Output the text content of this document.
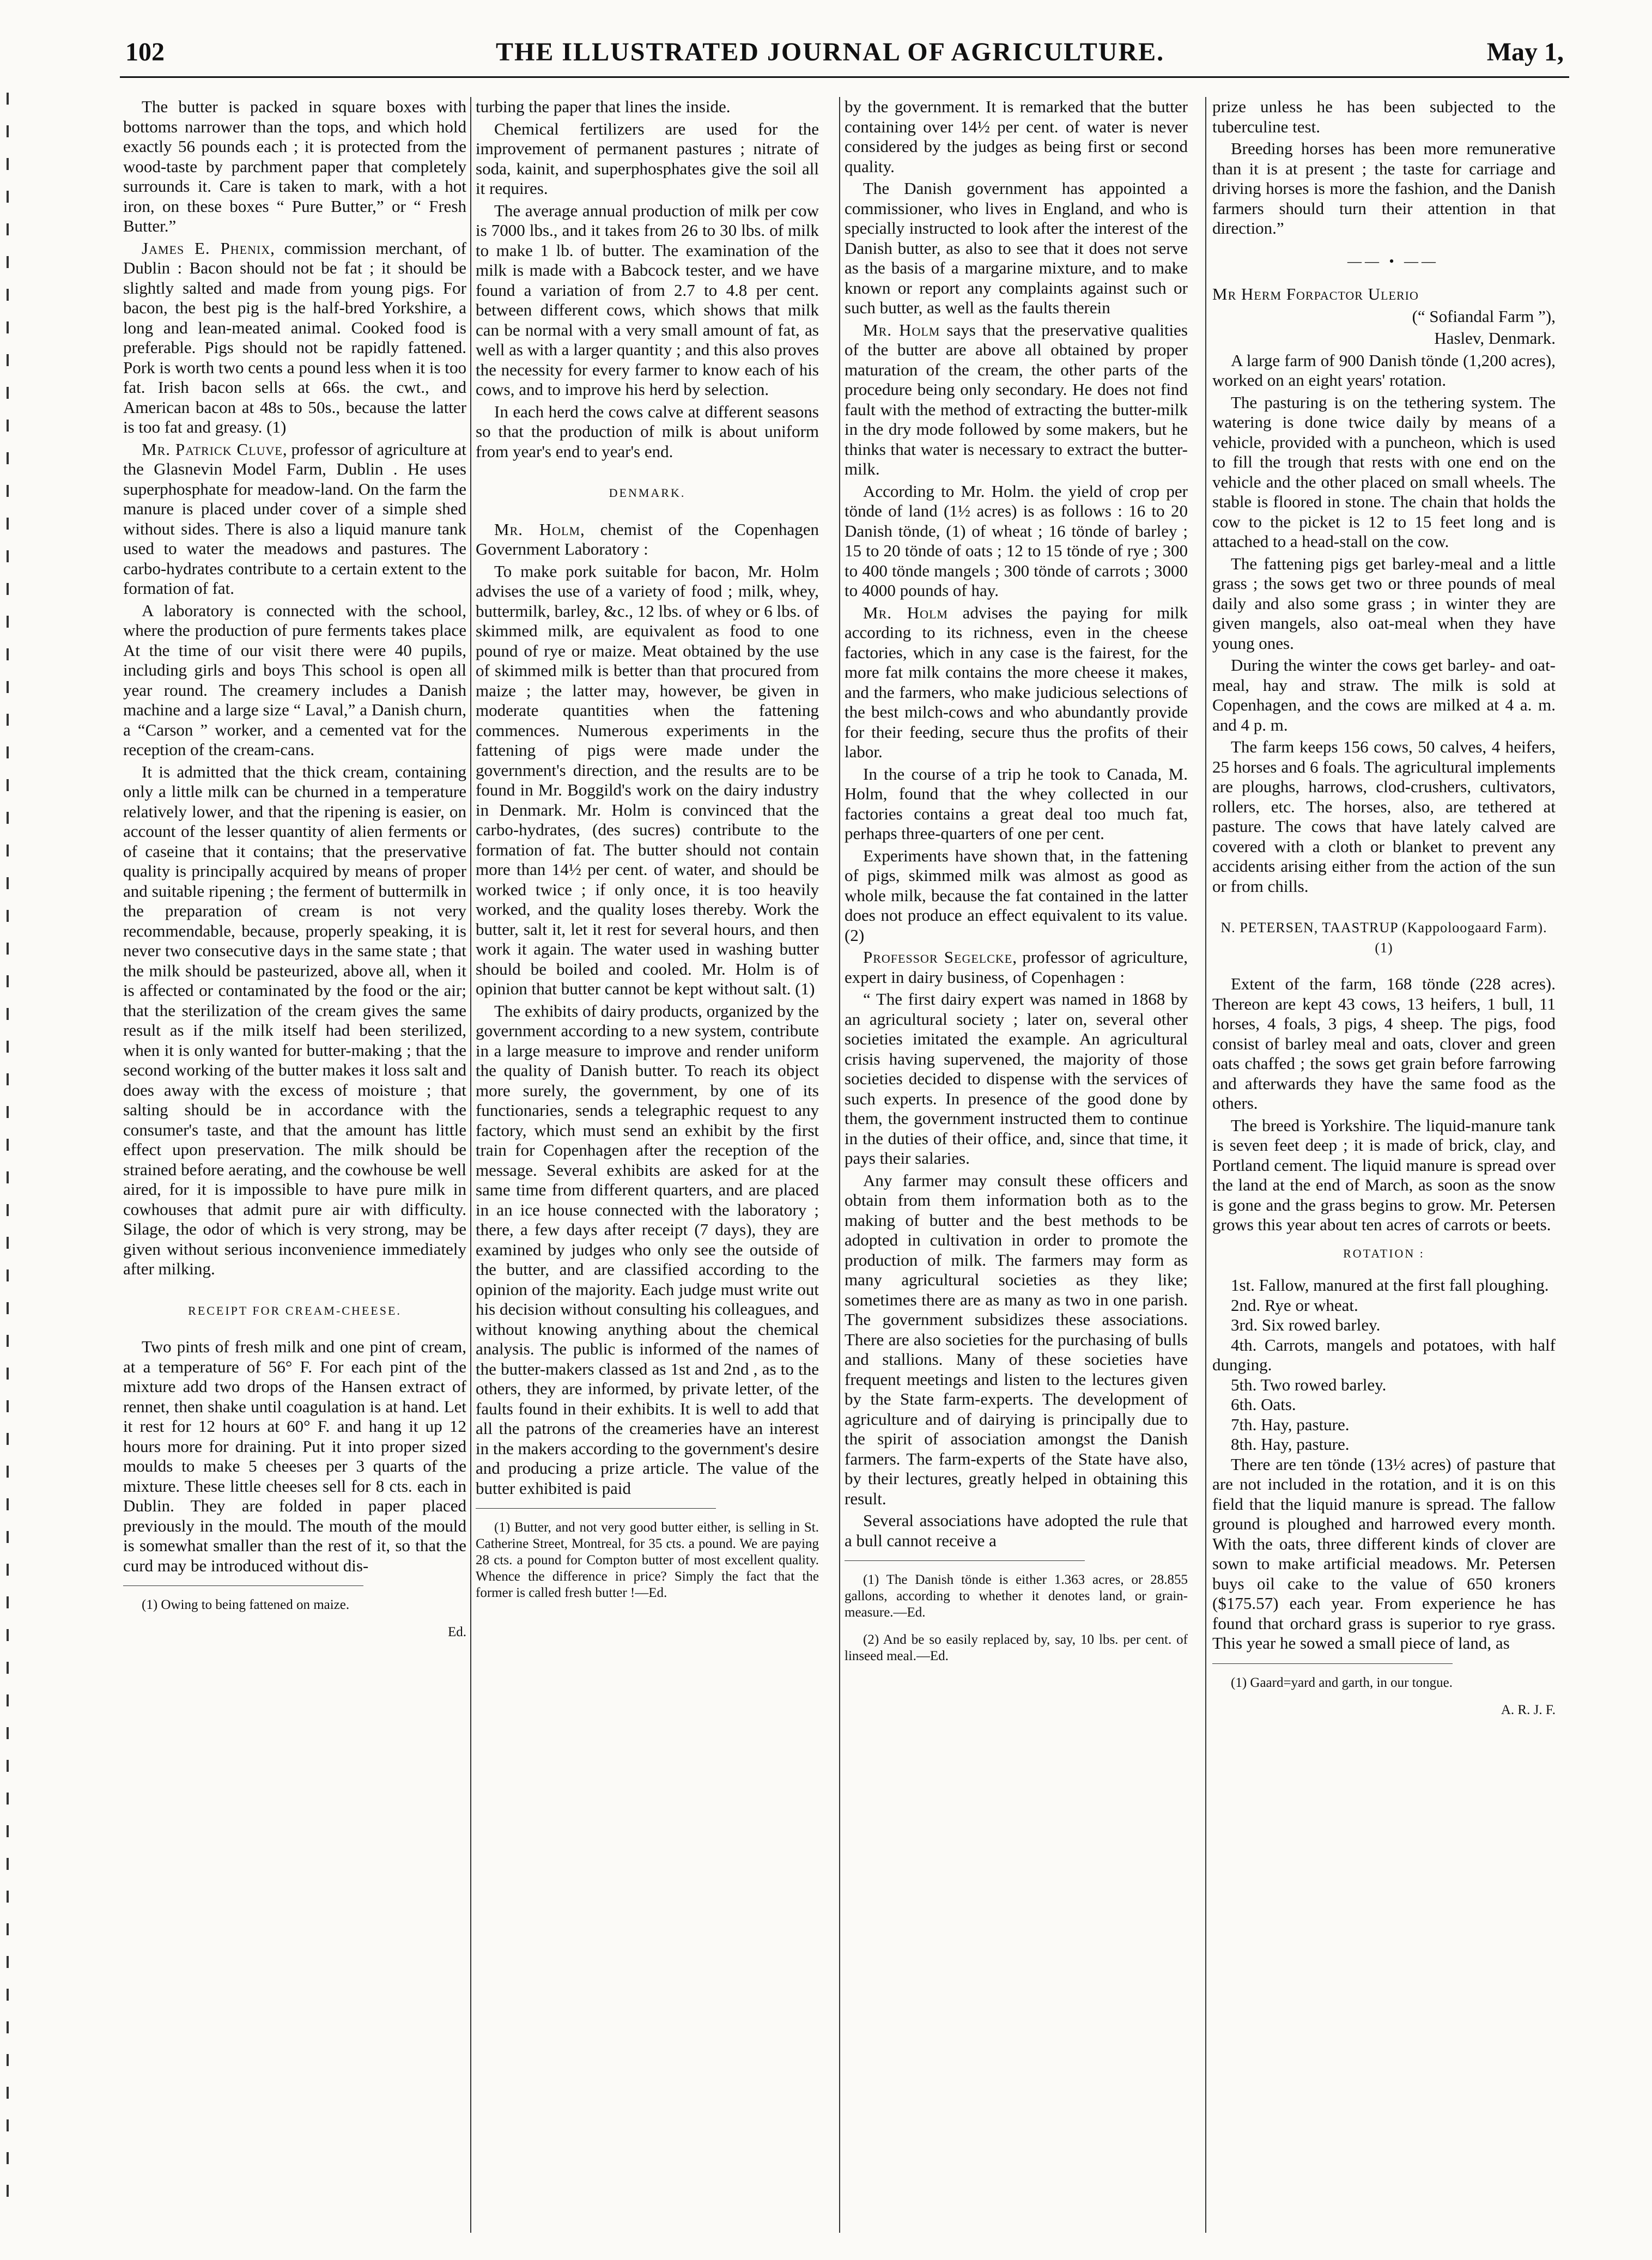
102	THE ILLUSTRATED JOURNAL OF AGRICULTURE.	May 1,

The butter is packed in square boxes with bottoms narrower than the tops, and which hold exactly 56 pounds each ; it is protected from the wood-taste by parchment paper that completely surrounds it. Care is taken to mark, with a hot iron, on these boxes “ Pure Butter,” or “ Fresh Butter.”

James E. Phenix, commission merchant, of Dublin : Bacon should not be fat ; it should be slightly salted and made from young pigs. For bacon, the best pig is the half-bred Yorkshire, a long and lean-meated animal. Cooked food is preferable. Pigs should not be rapidly fattened. Pork is worth two cents a pound less when it is too fat. Irish bacon sells at 66s. the cwt., and American bacon at 48s to 50s., because the latter is too fat and greasy. (1)

Mr. Patrick Cluve, professor of agriculture at the Glasnevin Model Farm, Dublin . He uses superphosphate for meadow-land. On the farm the manure is placed under cover of a simple shed without sides. There is also a liquid manure tank used to water the meadows and pastures. The carbo-hydrates contribute to a certain extent to the formation of fat.

A laboratory is connected with the school, where the production of pure ferments takes place At the time of our visit there were 40 pupils, including girls and boys This school is open all year round. The creamery includes a Danish machine and a large size “ Laval,” a Danish churn, a “Carson ” worker, and a cemented vat for the reception of the cream-cans.

It is admitted that the thick cream, containing only a little milk can be churned in a temperature relatively lower, and that the ripening is easier, on account of the lesser quantity of alien ferments or of caseine that it contains; that the preservative quality is principally acquired by means of proper and suitable ripening ; the ferment of buttermilk in the preparation of cream is not very recommendable, because, properly speaking, it is never two consecutive days in the same state ; that the milk should be pasteurized, above all, when it is affected or contaminated by the food or the air; that the sterilization of the cream gives the same result as if the milk itself had been sterilized, when it is only wanted for butter-making ; that the second working of the butter makes it loss salt and does away with the excess of moisture ; that salting should be in accordance with the consumer's taste, and that the amount has little effect upon preservation. The milk should be strained before aerating, and the cowhouse be well aired, for it is impossible to have pure milk in cowhouses that admit pure air with difficulty. Silage, the odor of which is very strong, may be given without serious inconvenience immediately after milking.

RECEIPT FOR CREAM-CHEESE.

Two pints of fresh milk and one pint of cream, at a temperature of 56° F. For each pint of the mixture add two drops of the Hansen extract of rennet, then shake until coagulation is at hand. Let it rest for 12 hours at 60° F. and hang it up 12 hours more for draining. Put it into proper sized moulds to make 5 cheeses per 3 quarts of the mixture. These little cheeses sell for 8 cts. each in Dublin. They are folded in paper placed previously in the mould. The mouth of the mould is somewhat smaller than the rest of it, so that the curd may be introduced without dis-

(1) Owing to being fattened on maize.

Ed.

turbing the paper that lines the inside.

Chemical fertilizers are used for the improvement of permanent pastures ; nitrate of soda, kainit, and superphosphates give the soil all it requires.

The average annual production of milk per cow is 7000 lbs., and it takes from 26 to 30 lbs. of milk to make 1 lb. of butter. The examination of the milk is made with a Babcock tester, and we have found a variation of from 2.7 to 4.8 per cent. between different cows, which shows that milk can be normal with a very small amount of fat, as well as with a larger quantity ; and this also proves the necessity for every farmer to know each of his cows, and to improve his herd by selection.

In each herd the cows calve at different seasons so that the production of milk is about uniform from year's end to year's end.

DENMARK.

Mr. Holm, chemist of the Copenhagen Government Laboratory :

To make pork suitable for bacon, Mr. Holm advises the use of a variety of food ; milk, whey, buttermilk, barley, &c., 12 lbs. of whey or 6 lbs. of skimmed milk, are equivalent as food to one pound of rye or maize. Meat obtained by the use of skimmed milk is better than that procured from maize ; the latter may, however, be given in moderate quantities when the fattening commences. Numerous experiments in the fattening of pigs were made under the government's direction, and the results are to be found in Mr. Boggild's work on the dairy industry in Denmark. Mr. Holm is convinced that the carbo-hydrates, (des sucres) contribute to the formation of fat. The butter should not contain more than 14½ per cent. of water, and should be worked twice ; if only once, it is too heavily worked, and the quality loses thereby. Work the butter, salt it, let it rest for several hours, and then work it again. The water used in washing butter should be boiled and cooled. Mr. Holm is of opinion that butter cannot be kept without salt. (1)

The exhibits of dairy products, organized by the government according to a new system, contribute in a large measure to improve and render uniform the quality of Danish butter. To reach its object more surely, the government, by one of its functionaries, sends a telegraphic request to any factory, which must send an exhibit by the first train for Copenhagen after the reception of the message. Several exhibits are asked for at the same time from different quarters, and are placed in an ice house connected with the laboratory ; there, a few days after receipt (7 days), they are examined by judges who only see the outside of the butter, and are classified according to the opinion of the majority. Each judge must write out his decision without consulting his colleagues, and without knowing anything about the chemical analysis. The public is informed of the names of the butter-makers classed as 1st and 2nd , as to the others, they are informed, by private letter, of the faults found in their exhibits. It is well to add that all the patrons of the creameries have an interest in the makers according to the government's desire and producing a prize article. The value of the butter exhibited is paid

(1) Butter, and not very good butter either, is selling in St. Catherine Street, Montreal, for 35 cts. a pound. We are paying 28 cts. a pound for Compton butter of most excellent quality. Whence the difference in price? Simply the fact that the former is called fresh butter !—Ed.

by the government. It is remarked that the butter containing over 14½ per cent. of water is never considered by the judges as being first or second quality.

The Danish government has appointed a commissioner, who lives in England, and who is specially instructed to look after the interest of the Danish butter, as also to see that it does not serve as the basis of a margarine mixture, and to make known or report any complaints against such or such butter, as well as the faults therein

Mr. Holm says that the preservative qualities of the butter are above all obtained by proper maturation of the cream, the other parts of the procedure being only secondary. He does not find fault with the method of extracting the butter-milk in the dry mode followed by some makers, but he thinks that water is necessary to extract the butter-milk.

According to Mr. Holm. the yield of crop per tönde of land (1½ acres) is as follows : 16 to 20 Danish tönde, (1) of wheat ; 16 tönde of barley ; 15 to 20 tönde of oats ; 12 to 15 tönde of rye ; 300 to 400 tönde mangels ; 300 tönde of carrots ; 3000 to 4000 pounds of hay.

Mr. Holm advises the paying for milk according to its richness, even in the cheese factories, which in any case is the fairest, for the more fat milk contains the more cheese it makes, and the farmers, who make judicious selections of the best milch-cows and who abundantly provide for their feeding, secure thus the profits of their labor.

In the course of a trip he took to Canada, M. Holm, found that the whey collected in our factories contains a great deal too much fat, perhaps three-quarters of one per cent.

Experiments have shown that, in the fattening of pigs, skimmed milk was almost as good as whole milk, because the fat contained in the latter does not produce an effect equivalent to its value. (2)

Professor Segelcke, professor of agriculture, expert in dairy business, of Copenhagen :

“ The first dairy expert was named in 1868 by an agricultural society ; later on, several other societies imitated the example. An agricultural crisis having supervened, the majority of those societies decided to dispense with the services of such experts. In presence of the good done by them, the government instructed them to continue in the duties of their office, and, since that time, it pays their salaries.

Any farmer may consult these officers and obtain from them information both as to the making of butter and the best methods to be adopted in cultivation in order to promote the production of milk. The farmers may form as many agricultural societies as they like; sometimes there are as many as two in one parish. The government subsidizes these associations. There are also societies for the purchasing of bulls and stallions. Many of these societies have frequent meetings and listen to the lectures given by the State farm-experts. The development of agriculture and of dairying is principally due to the spirit of association amongst the Danish farmers. The farm-experts of the State have also, by their lectures, greatly helped in obtaining this result.

Several associations have adopted the rule that a bull cannot receive a

(1) The Danish tönde is either 1.363 acres, or 28.855 gallons, according to whether it denotes land, or grain-measure.—Ed.

(2) And be so easily replaced by, say, 10 lbs. per cent. of linseed meal.—Ed.

prize unless he has been subjected to the tuberculine test.

Breeding horses has been more remunerative than it is at present ; the taste for carriage and driving horses is more the fashion, and the Danish farmers should turn their attention in that direction.”

—— • ——

Mr Herm Forpactor Ulerio

(“ Sofiandal Farm ”),

Haslev, Denmark.

A large farm of 900 Danish tönde (1,200 acres), worked on an eight years' rotation.

The pasturing is on the tethering system. The watering is done twice daily by means of a vehicle, provided with a puncheon, which is used to fill the trough that rests with one end on the vehicle and the other placed on small wheels. The stable is floored in stone. The chain that holds the cow to the picket is 12 to 15 feet long and is attached to a head-stall on the cow.

The fattening pigs get barley-meal and a little grass ; the sows get two or three pounds of meal daily and also some grass ; in winter they are given mangels, also oat-meal when they have young ones.

During the winter the cows get barley- and oat-meal, hay and straw. The milk is sold at Copenhagen, and the cows are milked at 4 a. m. and 4 p. m.

The farm keeps 156 cows, 50 calves, 4 heifers, 25 horses and 6 foals. The agricultural implements are ploughs, harrows, clod-crushers, cultivators, rollers, etc. The horses, also, are tethered at pasture. The cows that have lately calved are covered with a cloth or blanket to prevent any accidents arising either from the action of the sun or from chills.

N. PETERSEN, TAASTRUP (Kappoloogaard Farm). (1)

Extent of the farm, 168 tönde (228 acres). Thereon are kept 43 cows, 13 heifers, 1 bull, 11 horses, 4 foals, 3 pigs, 4 sheep. The pigs, food consist of barley meal and oats, clover and green oats chaffed ; the sows get grain before farrowing and afterwards they have the same food as the others.

The breed is Yorkshire. The liquid-manure tank is seven feet deep ; it is made of brick, clay, and Portland cement. The liquid manure is spread over the land at the end of March, as soon as the snow is gone and the grass begins to grow. Mr. Petersen grows this year about ten acres of carrots or beets.

ROTATION :

1st. Fallow, manured at the first fall ploughing.

2nd. Rye or wheat.

3rd. Six rowed barley.

4th. Carrots, mangels and potatoes, with half dunging.

5th. Two rowed barley.

6th. Oats.

7th. Hay, pasture.

8th. Hay, pasture.

There are ten tönde (13½ acres) of pasture that are not included in the rotation, and it is on this field that the liquid manure is spread. The fallow ground is ploughed and harrowed every month. With the oats, three different kinds of clover are sown to make artificial meadows. Mr. Petersen buys oil cake to the value of 650 kroners ($175.57) each year. From experience he has found that orchard grass is superior to rye grass. This year he sowed a small piece of land, as

(1) Gaard=yard and garth, in our tongue.

A. R. J. F.
